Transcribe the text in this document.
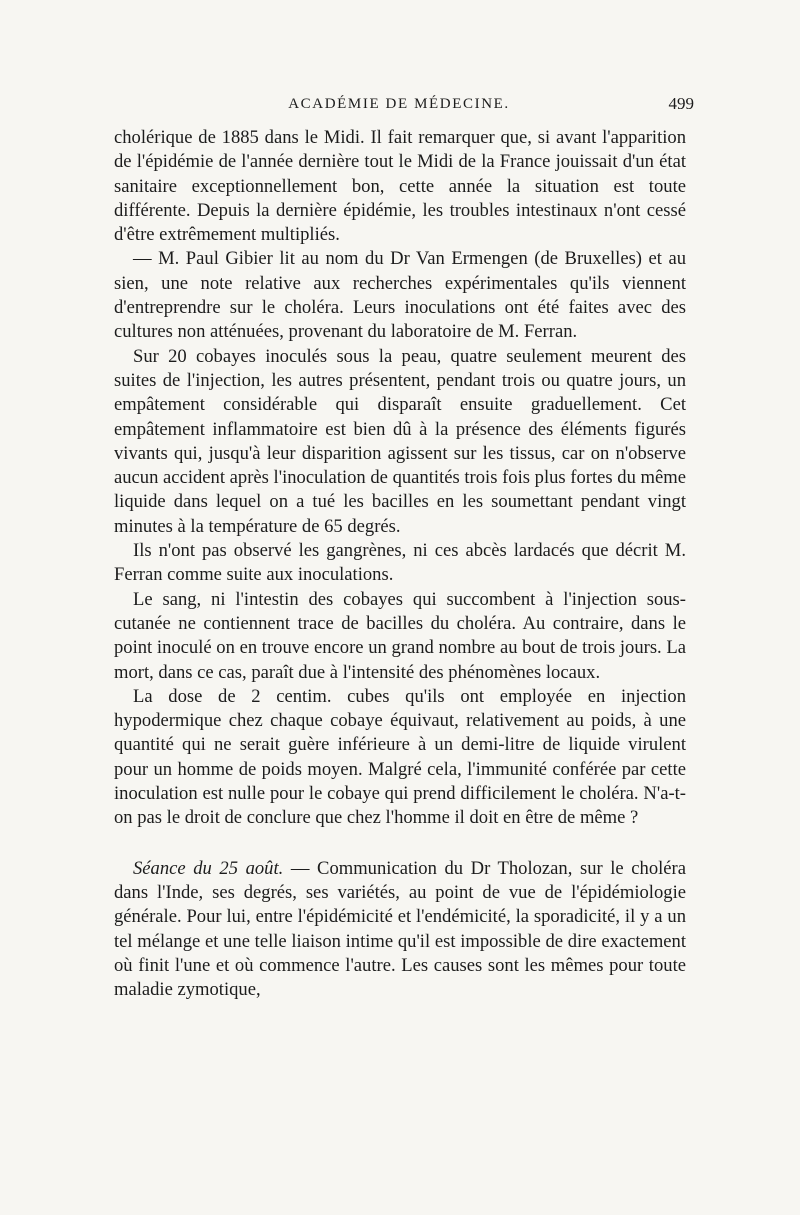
ACADÉMIE DE MÉDECINE.	499

cholérique de 1885 dans le Midi. Il fait remarquer que, si avant l'apparition de l'épidémie de l'année dernière tout le Midi de la France jouissait d'un état sanitaire exceptionnellement bon, cette année la situation est toute différente. Depuis la dernière épidémie, les troubles intestinaux n'ont cessé d'être extrêmement multipliés.

— M. Paul Gibier lit au nom du Dr Van Ermengen (de Bruxelles) et au sien, une note relative aux recherches expérimentales qu'ils viennent d'entreprendre sur le choléra. Leurs inoculations ont été faites avec des cultures non atténuées, provenant du laboratoire de M. Ferran.

Sur 20 cobayes inoculés sous la peau, quatre seulement meurent des suites de l'injection, les autres présentent, pendant trois ou quatre jours, un empâtement considérable qui disparaît ensuite graduellement. Cet empâtement inflammatoire est bien dû à la présence des éléments figurés vivants qui, jusqu'à leur disparition agissent sur les tissus, car on n'observe aucun accident après l'inoculation de quantités trois fois plus fortes du même liquide dans lequel on a tué les bacilles en les soumettant pendant vingt minutes à la température de 65 degrés.

Ils n'ont pas observé les gangrènes, ni ces abcès lardacés que décrit M. Ferran comme suite aux inoculations.

Le sang, ni l'intestin des cobayes qui succombent à l'injection sous-cutanée ne contiennent trace de bacilles du choléra. Au contraire, dans le point inoculé on en trouve encore un grand nombre au bout de trois jours. La mort, dans ce cas, paraît due à l'intensité des phénomènes locaux.

La dose de 2 centim. cubes qu'ils ont employée en injection hypodermique chez chaque cobaye équivaut, relativement au poids, à une quantité qui ne serait guère inférieure à un demi-litre de liquide virulent pour un homme de poids moyen. Malgré cela, l'immunité conférée par cette inoculation est nulle pour le cobaye qui prend difficilement le choléra. N'a-t-on pas le droit de conclure que chez l'homme il doit en être de même ?

Séance du 25 août. — Communication du Dr Tholozan, sur le choléra dans l'Inde, ses degrés, ses variétés, au point de vue de l'épidémiologie générale. Pour lui, entre l'épidémicité et l'endémicité, la sporadicité, il y a un tel mélange et une telle liaison intime qu'il est impossible de dire exactement où finit l'une et où commence l'autre. Les causes sont les mêmes pour toute maladie zymotique,
